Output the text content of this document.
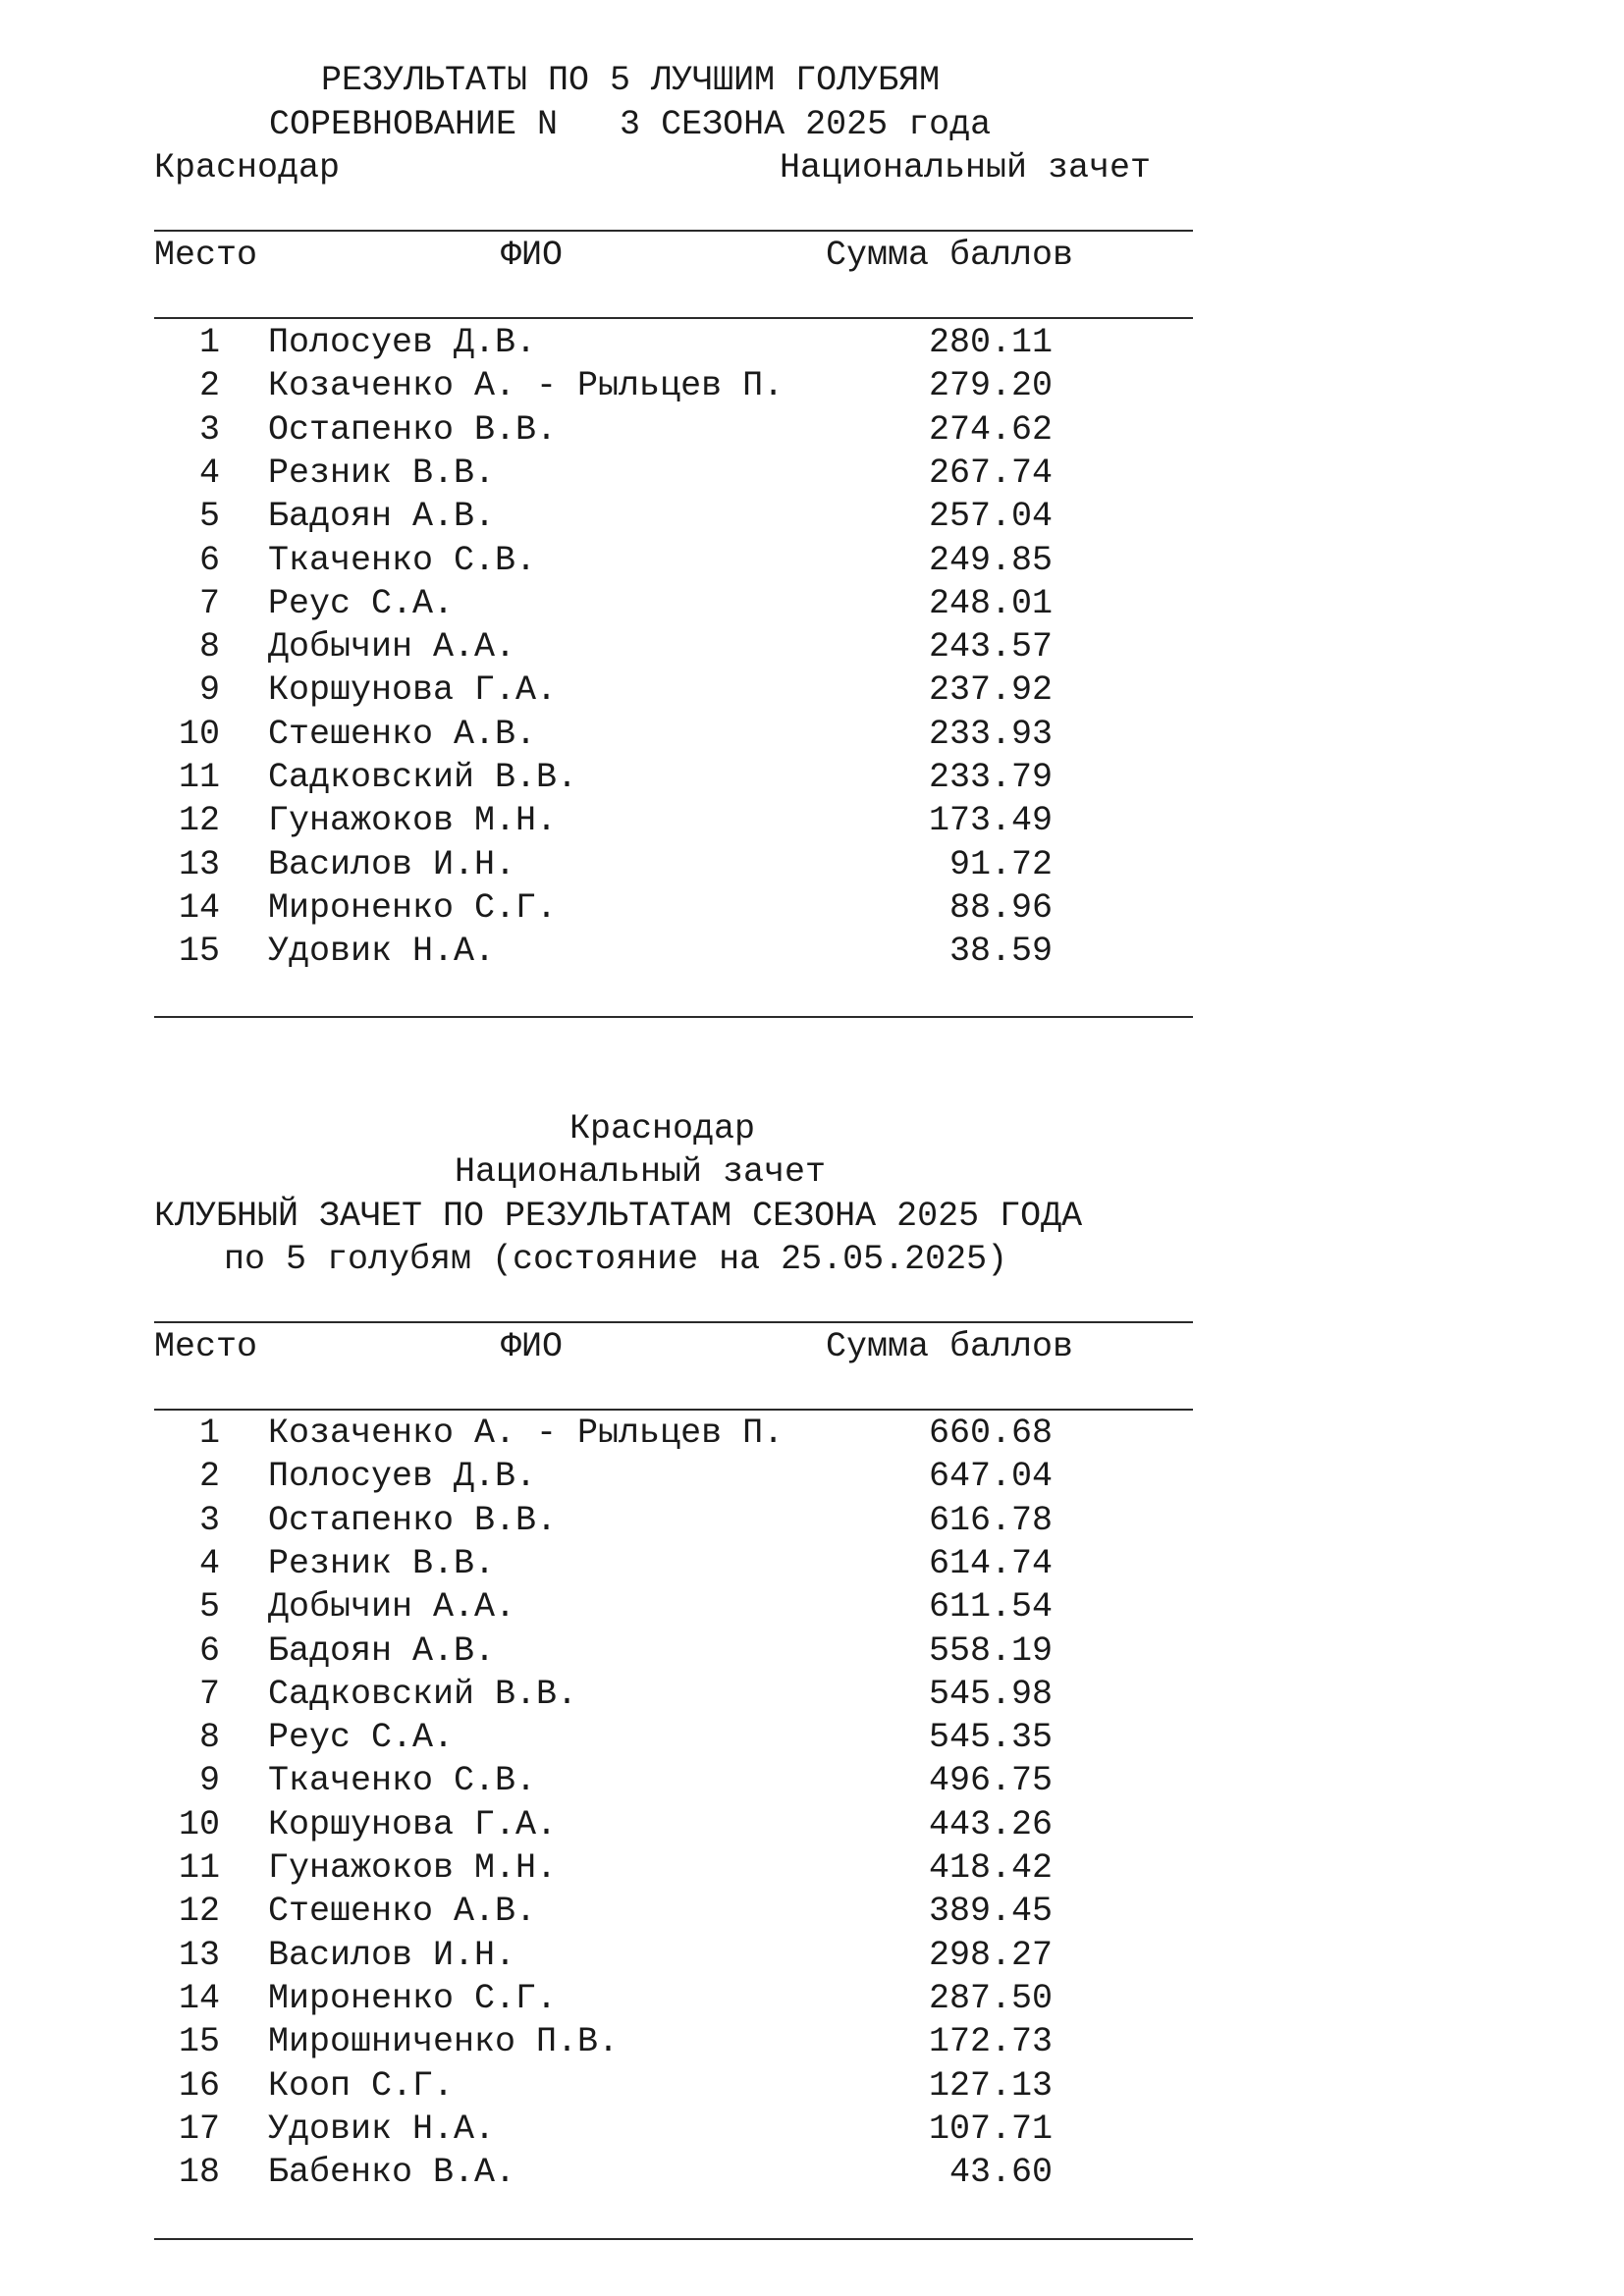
РЕЗУЛЬТАТЫ ПО 5 ЛУЧШИМ ГОЛУБЯМ
СОРЕВНОВАНИЕ N   3 СЕЗОНА 2025 года
Краснодар	Национальный зачет
Место	ФИО	Сумма баллов
1 Полосуев Д.В.	280.11
2 Козаченко А. - Рыльцев П.	279.20
3 Остапенко В.В.	274.62
4 Резник В.В.	267.74
5 Бадоян А.В.	257.04
6 Ткаченко С.В.	249.85
7 Реус С.А.	248.01
8 Добычин А.А.	243.57
9 Коршунова Г.А.	237.92
10 Стешенко А.В.	233.93
11 Садковский В.В.	233.79
12 Гунажоков М.Н.	173.49
13 Василов И.Н.	91.72
14 Мироненко С.Г.	88.96
15 Удовик Н.А.	38.59
Краснодар
Национальный зачет
КЛУБНЫЙ ЗАЧЕТ ПО РЕЗУЛЬТАТАМ СЕЗОНА 2025 ГОДА
по 5 голубям (состояние на 25.05.2025)
Место	ФИО	Сумма баллов
1 Козаченко А. - Рыльцев П.	660.68
2 Полосуев Д.В.	647.04
3 Остапенко В.В.	616.78
4 Резник В.В.	614.74
5 Добычин А.А.	611.54
6 Бадоян А.В.	558.19
7 Садковский В.В.	545.98
8 Реус С.А.	545.35
9 Ткаченко С.В.	496.75
10 Коршунова Г.А.	443.26
11 Гунажоков М.Н.	418.42
12 Стешенко А.В.	389.45
13 Василов И.Н.	298.27
14 Мироненко С.Г.	287.50
15 Мирошниченко П.В.	172.73
16 Кооп С.Г.	127.13
17 Удовик Н.А.	107.71
18 Бабенко В.А.	43.60
